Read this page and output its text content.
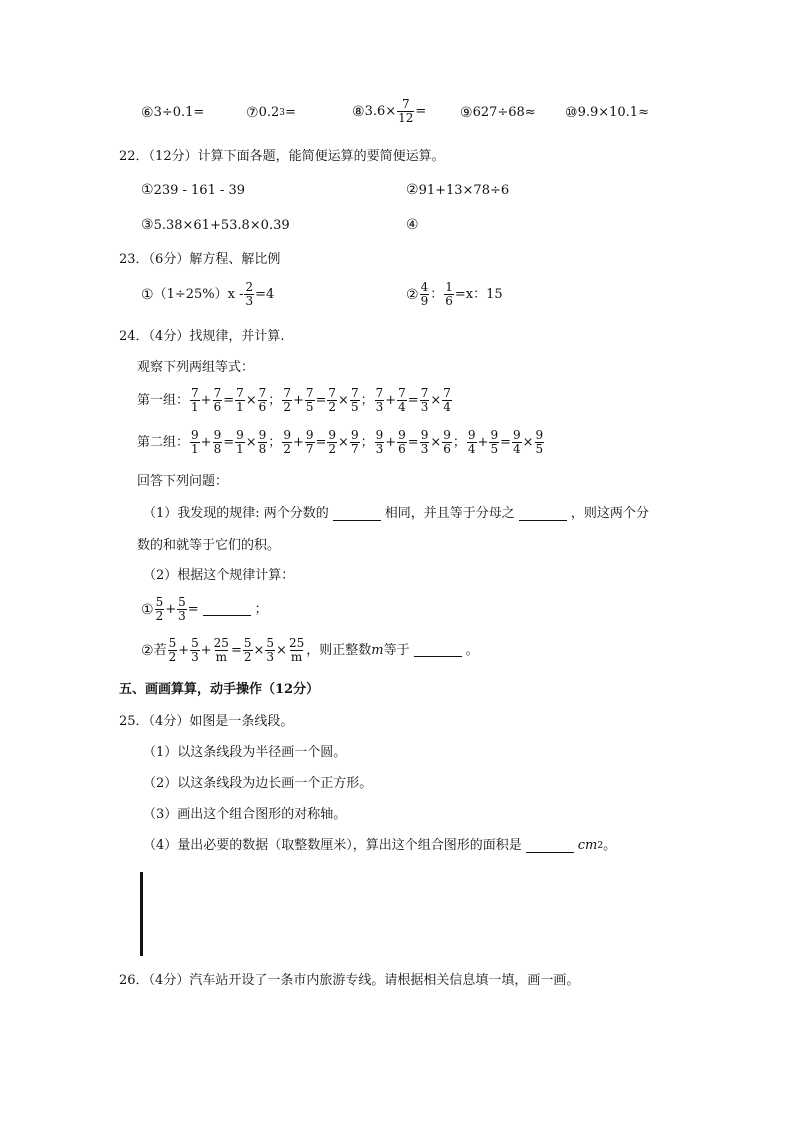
⑥ 3÷0.1=	⑦ 0.2 3 =	⑧ $3.6\times \frac{7}{12}$ = ⑨ 627÷68≈ ⑩ 9.9×10.1≈
22．（12分）计算下面各题，能简便运算的要简便运算。
①239 - 161 - 39	②91+13×78÷6
③5.38×61+53.8×0.39	④
23．（6分）解方程、解比例
① $(1\div 25\%)x - \frac{2}{3} =4$	② $\frac{4}{9}$ ： $\frac{1}{6} =x$：15
24．（4分）找规律，并计算.
观察下列两组等式：
第一组： $\frac{7}{1} + \frac{7}{6} = \frac{7}{1} \times \frac{7}{6}$ ； $\frac{7}{2} + \frac{7}{5} = \frac{7}{2} \times \frac{7}{5}$ ； $\frac{7}{3} + \frac{7}{4} = \frac{7}{3} \times \frac{7}{4}$
第二组： $\frac{9}{1} + \frac{9}{8} = \frac{9}{1} \times \frac{9}{8}$ ； $\frac{9}{2} + \frac{9}{7} = \frac{9}{2} \times \frac{9}{7}$ ； $\frac{9}{3} + \frac{9}{6} = \frac{9}{3} \times \frac{9}{6}$ ； $\frac{9}{4} + \frac{9}{5} = \frac{9}{4} \times \frac{9}{5}$
回答下列问题：
（1）我发现的规律: 两个分数的	相同，并且等于分母之	，则这两个分
数的和就等于它们的积。
（2）根据这个规律计算：
① $\frac{5}{2} + \frac{5}{3}$ =	；
② 若 $\frac{5}{2} + \frac{5}{3} + \frac{25}{m} = \frac{5}{2} \times \frac{5}{3} \times \frac{25}{m}$ ，则正整数 m 等于	。
五、画画算算，动手操作（12分）
25．（4分）如图是一条线段。
（1）以这条线段为半径画一个圆。
（2）以这条线段为边长画一个正方形。
（3）画出这个组合图形的对称轴。
（4）量出必要的数据（取整数厘米），算出这个组合图形的面积是	cm 2 。
26．（4分）汽车站开设了一条市内旅游专线。请根据相关信息填一填，画一画。
